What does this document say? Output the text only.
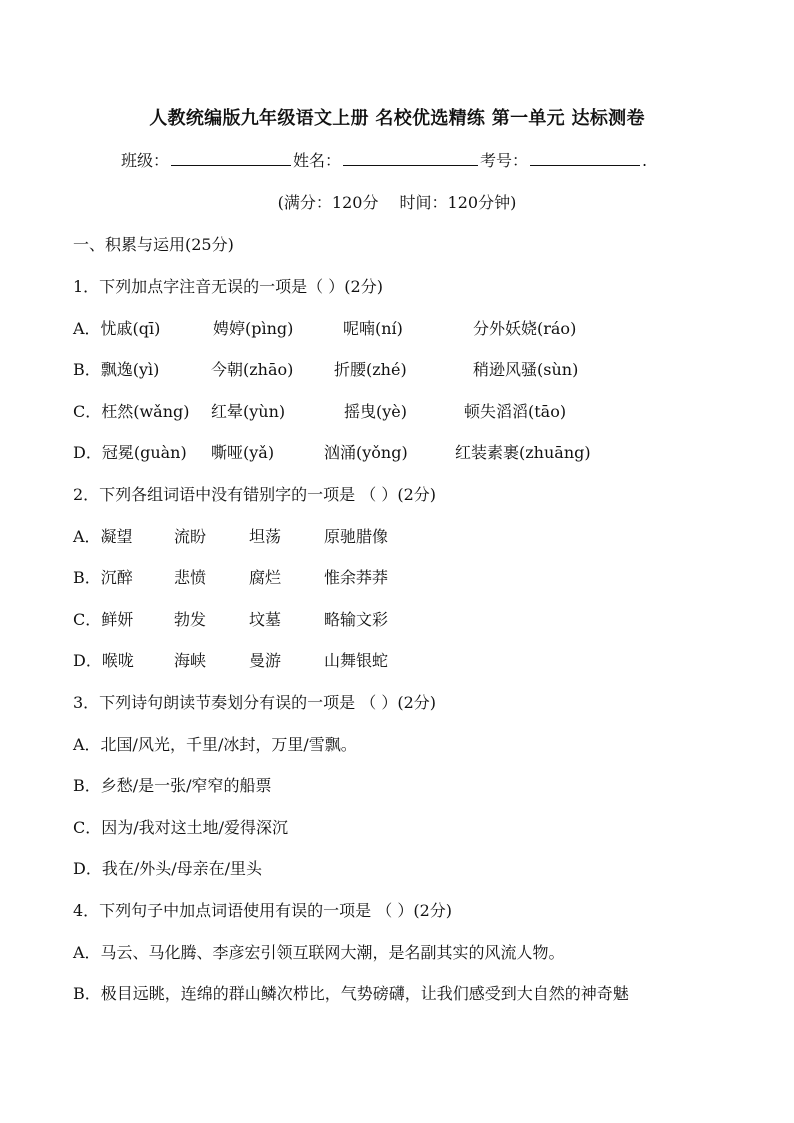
人教统编版九年级语文上册 名校优选精练 第一单元 达标测卷
班级：	姓名：	考号：	.
(满分：120分 时间：120分钟)
一、积累与运用(25分)
1．下列加点字注音无误的一项是（ ）(2分)
A．忧戚(qī)	娉婷(pìng)	呢喃(ní)	分外妖娆(ráo)
B．飘逸(yì)	今朝(zhāo)	折腰(zhé)	稍逊风骚(sùn)
C．枉然(wǎng) 红晕(yùn)	摇曳(yè)	顿失滔滔(tāo)
D．冠冕(guàn) 嘶哑(yǎ)	汹涌(yǒng)	红装素裹(zhuāng)
2．下列各组词语中没有错别字的一项是 （ ）(2分)
A．凝望	流盼	坦荡	原驰腊像
B．沉醉	悲愤	腐烂	惟余莽莽
C．鲜妍	勃发	坟墓	略输文彩
D．喉咙	海峡	曼游	山舞银蛇
3．下列诗句朗读节奏划分有误的一项是 （ ）(2分)
A．北国/风光，千里/冰封，万里/雪飘。
B．乡愁/是一张/窄窄的船票
C．因为/我对这土地/爱得深沉
D．我在/外头/母亲在/里头
4．下列句子中加点词语使用有误的一项是 （ ）(2分)
A．马云、马化腾、李彦宏引领互联网大潮，是名副其实的风流人物。
B．极目远眺，连绵的群山鳞次栉比，气势磅礴，让我们感受到大自然的神奇魅
